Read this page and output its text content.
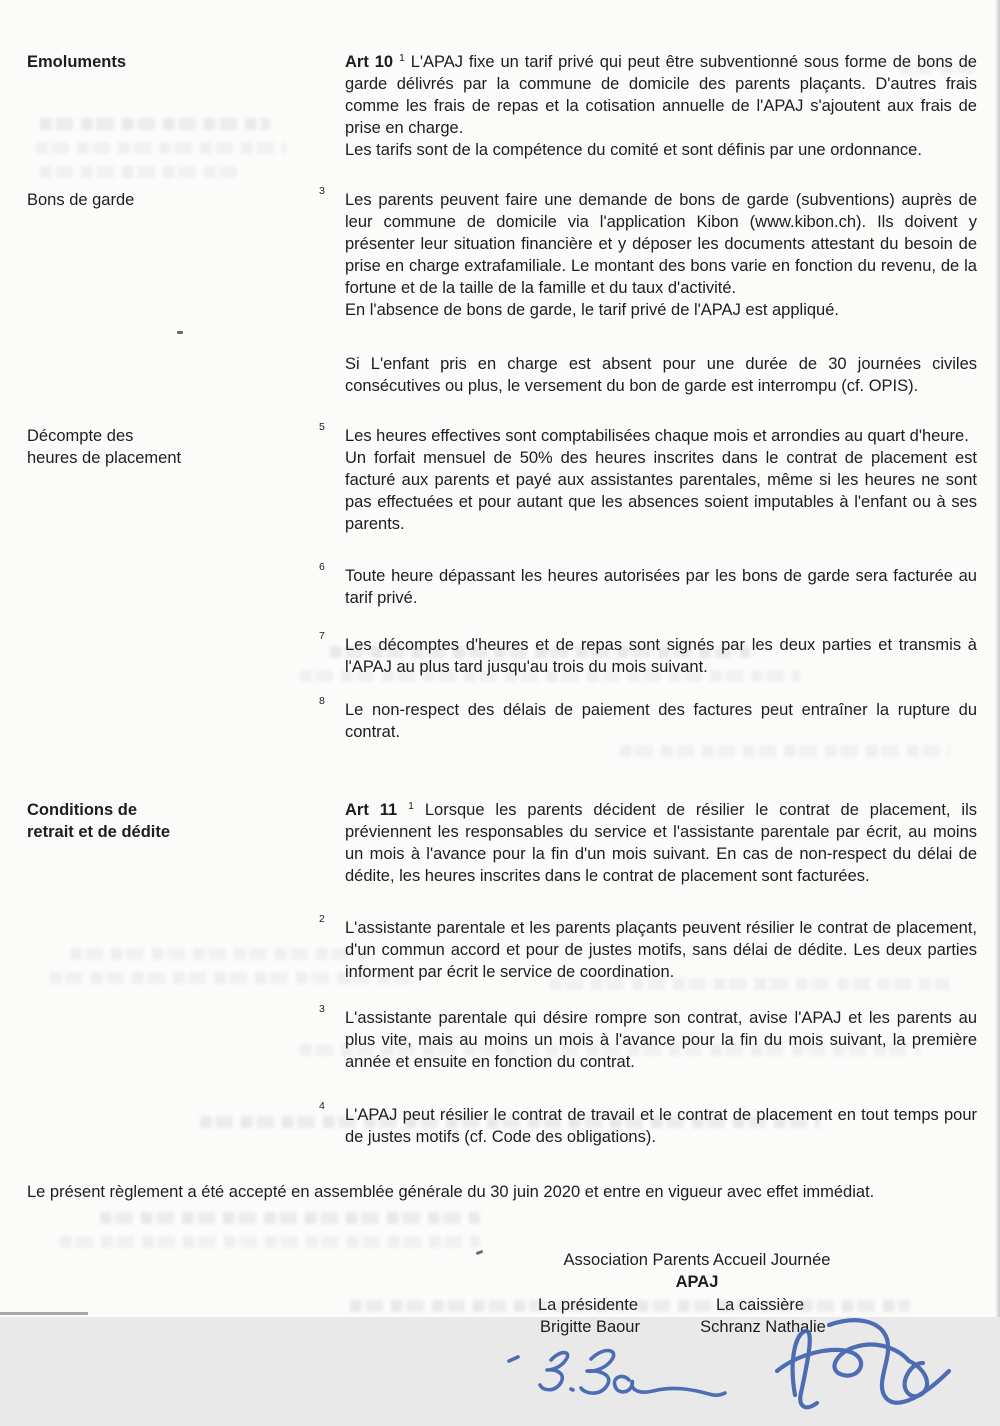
Emoluments	Art 10 $^1$ L'APAJ fixe un tarif privé qui peut être subventionné sous forme de bons de garde délivrés par la commune de domicile des parents plaçants. D'autres frais comme les frais de repas et la cotisation annuelle de l'APAJ s'ajoutent aux frais de prise en charge.
Les tarifs sont de la compétence du comité et sont définis par une ordonnance.
Bons de garde	3 Les parents peuvent faire une demande de bons de garde (subventions) auprès de leur commune de domicile via l'application Kibon (www.kibon.ch). Ils doivent y présenter leur situation financière et y déposer les documents attestant du besoin de prise en charge extrafamiliale. Le montant des bons varie en fonction du revenu, de la fortune et de la taille de la famille et du taux d'activité.
En l'absence de bons de garde, le tarif privé de l'APAJ est appliqué.
Si L'enfant pris en charge est absent pour une durée de 30 journées civiles consécutives ou plus, le versement du bon de garde est interrompu (cf. OPIS).
Décompte des
heures de placement
5 Les heures effectives sont comptabilisées chaque mois et arrondies au quart d'heure.
Un forfait mensuel de 50% des heures inscrites dans le contrat de placement est facturé aux parents et payé aux assistantes parentales, même si les heures ne sont pas effectuées et pour autant que les absences soient imputables à l'enfant ou à ses parents.
6 Toute heure dépassant les heures autorisées par les bons de garde sera facturée au tarif privé.
7 Les décomptes d'heures et de repas sont signés par les deux parties et transmis à l'APAJ au plus tard jusqu'au trois du mois suivant.
8 Le non-respect des délais de paiement des factures peut entraîner la rupture du contrat.
Conditions de
retrait et de dédite
Art 11 $^1$ Lorsque les parents décident de résilier le contrat de placement, ils préviennent les responsables du service et l'assistante parentale par écrit, au moins un mois à l'avance pour la fin d'un mois suivant. En cas de non-respect du délai de dédite, les heures inscrites dans le contrat de placement sont facturées.
2 L'assistante parentale et les parents plaçants peuvent résilier le contrat de placement, d'un commun accord et pour de justes motifs, sans délai de dédite. Les deux parties informent par écrit le service de coordination.
3 L'assistante parentale qui désire rompre son contrat, avise l'APAJ et les parents au plus vite, mais au moins un mois à l'avance pour la fin du mois suivant, la première année et ensuite en fonction du contrat.
4 L'APAJ peut résilier le contrat de travail et le contrat de placement en tout temps pour de justes motifs (cf. Code des obligations).
Le présent règlement a été accepté en assemblée générale du 30 juin 2020 et entre en vigueur avec effet immédiat.
Association Parents Accueil Journée
APAJ
La présidente
Brigitte Baour
La caissière
Schranz Nathalie
